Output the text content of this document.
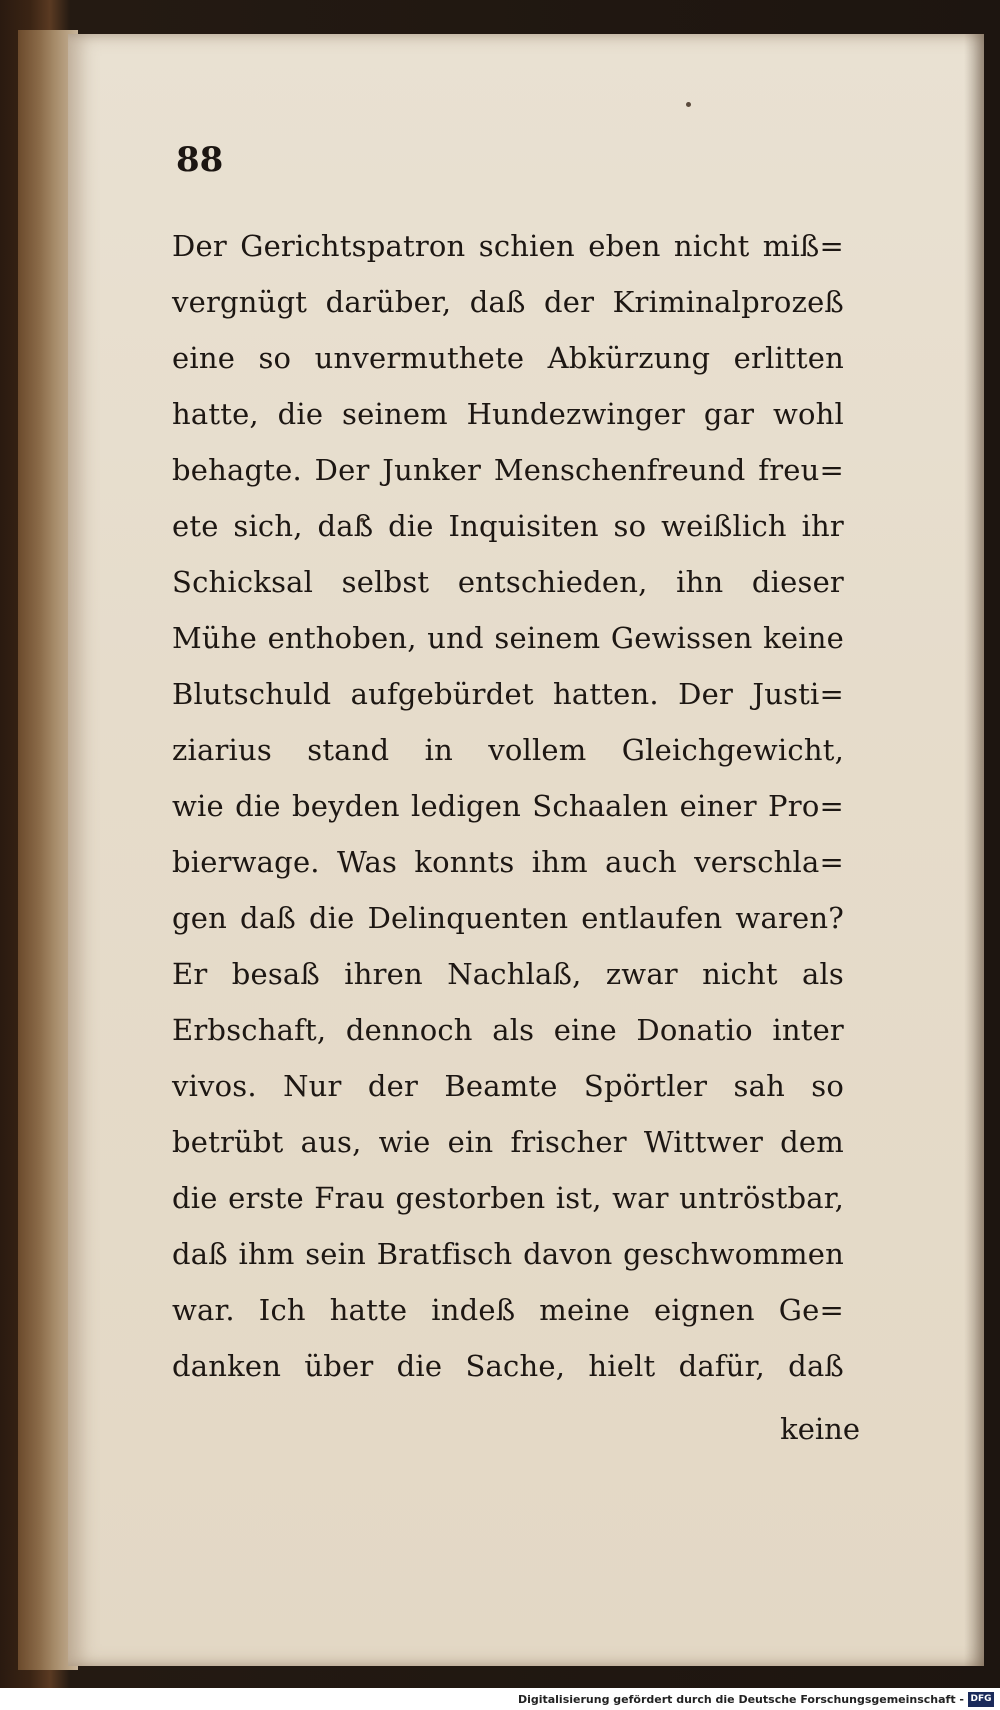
88
Der Gerichtspatron schien eben nicht miß=
vergnügt darüber, daß der Kriminalprozeß
eine so unvermuthete Abkürzung erlitten
hatte, die seinem Hundezwinger gar wohl
behagte. Der Junker Menschenfreund freu=
ete sich, daß die Inquisiten so weißlich ihr
Schicksal selbst entschieden, ihn dieser
Mühe enthoben, und seinem Gewissen keine
Blutschuld aufgebürdet hatten. Der Justi=
ziarius stand in vollem Gleichgewicht,
wie die beyden ledigen Schaalen einer Pro=
bierwage. Was konnts ihm auch verschla=
gen daß die Delinquenten entlaufen waren?
Er besaß ihren Nachlaß, zwar nicht als
Erbschaft, dennoch als eine Donatio inter
vivos. Nur der Beamte Spörtler sah so
betrübt aus, wie ein frischer Wittwer dem
die erste Frau gestorben ist, war untröstbar,
daß ihm sein Bratfisch davon geschwommen
war. Ich hatte indeß meine eignen Ge=
danken über die Sache, hielt dafür, daß
keine
Digitalisierung gefördert durch die Deutsche Forschungsgemeinschaft - DFG
